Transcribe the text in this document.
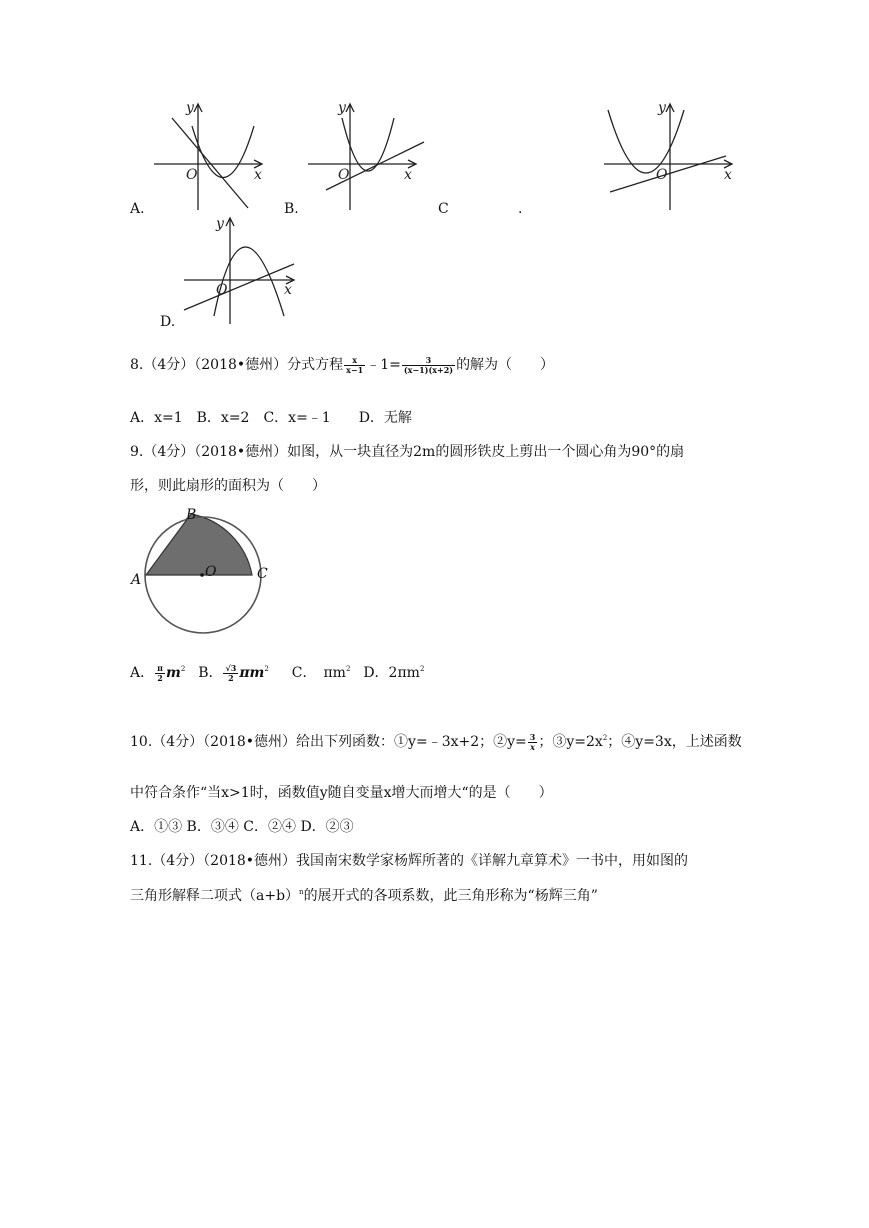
y
O	x
y
O	x
y
O	x
A.	B.	C	.
y
O	x
D.
8.（4分）（2018•德州）分式方程 $\frac{x}{x-1}$ ﹣1= $\frac{3}{(x-1)(x+2)}$ 的解为（　　）
A．x=1　B．x=2　C．x=﹣1　　D．无解
9.（4分）（2018•德州）如图，从一块直径为2m的圆形铁皮上剪出一个圆心角为90°的扇
形，则此扇形的面积为（　　）
B
A	C
O
A． $\frac{\pi}{2} m^2$ B． $\frac{√3}{2} \pi m^2$ C．　$\pi m^2$ D．$2\pi m^2$
10.（4分）（2018•德州）给出下列函数：①y=﹣3x+2；②y= $\frac{3}{x}$ ；$③y=2x^2$；④y=3x，上述函数
中符合条作“当x>1时，函数值y随自变量x增大而增大“的是（　　）
A．①③ B．③④ C．②④ D．②③
11.（4分）（2018•德州）我国南宋数学家杨辉所著的《详解九章算术》一书中，用如图的
三角形解释二项式$(a+b)^n$的展开式的各项系数，此三角形称为“杨辉三角”
